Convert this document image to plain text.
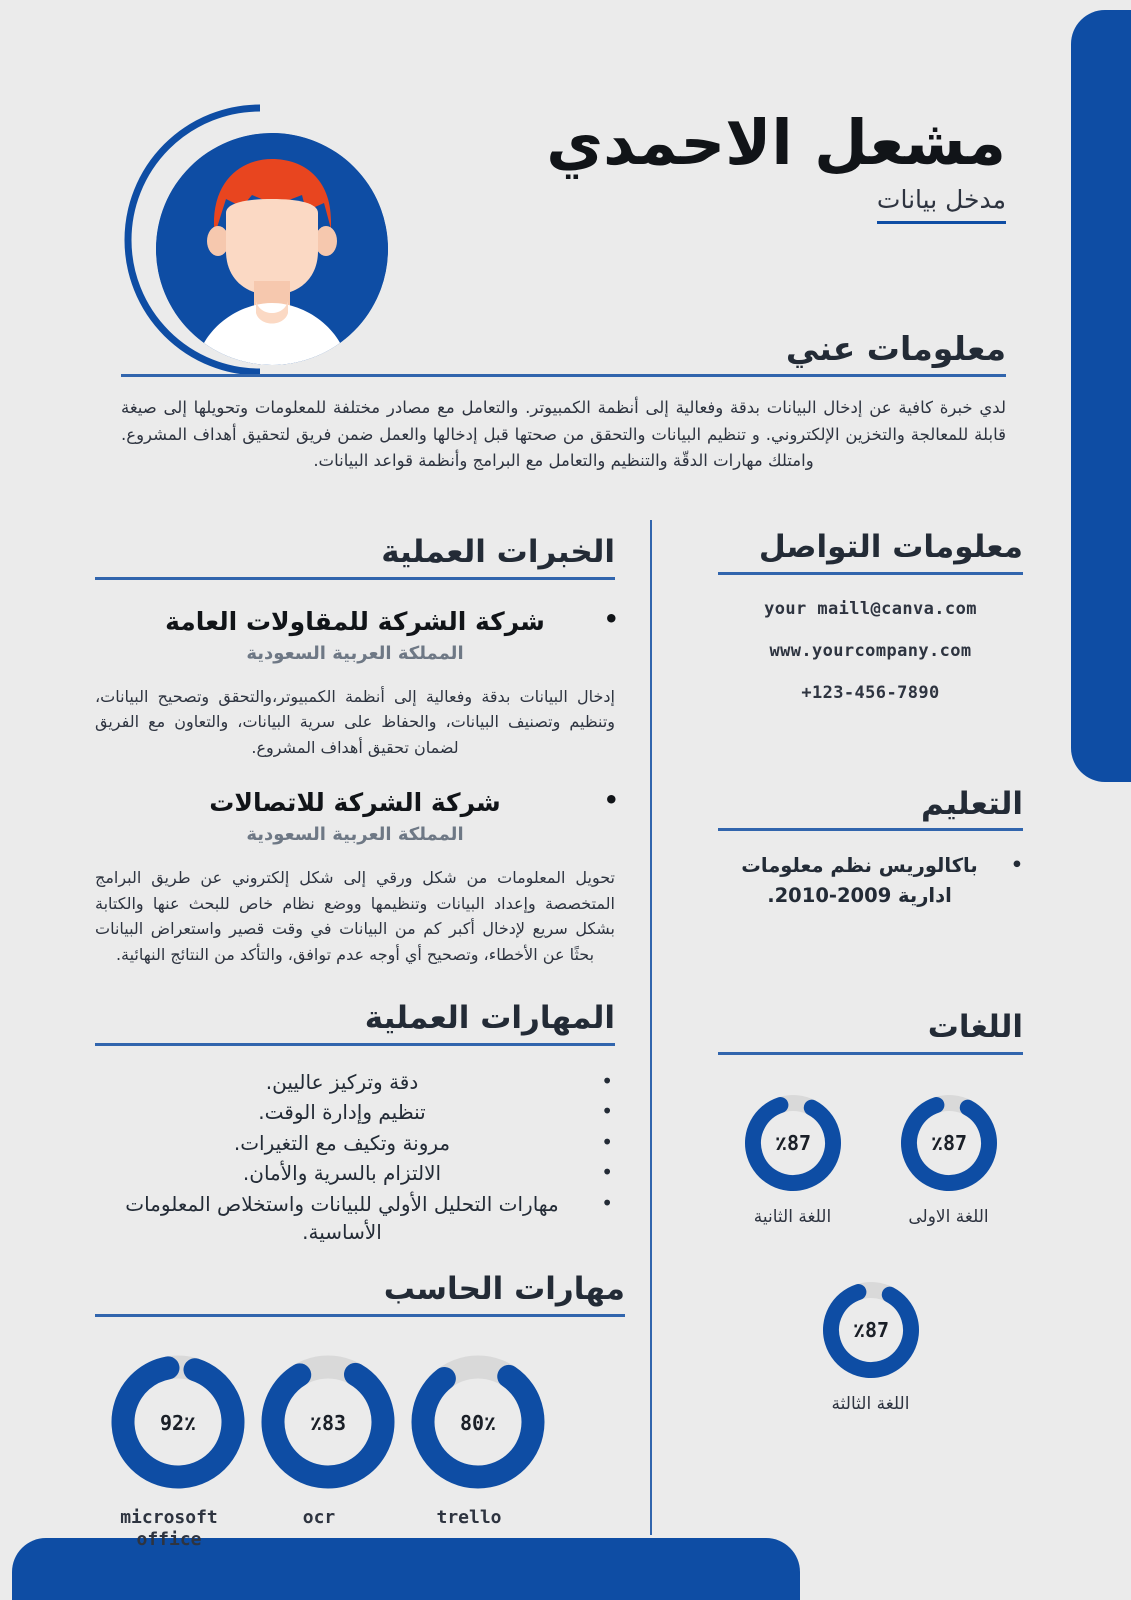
مشعل الاحمدي
مدخل بيانات
معلومات عني

لدي خبرة كافية عن إدخال البيانات بدقة وفعالية إلى أنظمة الكمبيوتر. والتعامل مع مصادر مختلفة للمعلومات وتحويلها إلى صيغة قابلة للمعالجة والتخزين الإلكتروني. و تنظيم البيانات والتحقق من صحتها قبل إدخالها والعمل ضمن فريق لتحقيق أهداف المشروع. وامتلك مهارات الدقّة والتنظيم والتعامل مع البرامج وأنظمة قواعد البيانات.

معلومات التواصل
your maill@canva.com
www.yourcompany.com
+123-456-7890
التعليم
• باكالوريس نظم معلومات ادارية 2009-2010.
اللغات
٪87
اللغة الثانية
٪87
اللغة الاولى
٪87
اللغة الثالثة
الخبرات العملية
شركة الشركة للمقاولات العامة •
المملكة العربية السعودية

إدخال البيانات بدقة وفعالية إلى أنظمة الكمبيوتر،والتحقق وتصحيح البيانات، وتنظيم وتصنيف البيانات، والحفاظ على سرية البيانات، والتعاون مع الفريق لضمان تحقيق أهداف المشروع.

شركة الشركة للاتصالات •
المملكة العربية السعودية

تحويل المعلومات من شكل ورقي إلى شكل إلكتروني عن طريق البرامج المتخصصة وإعداد البيانات وتنظيمها ووضع نظام خاص للبحث عنها والكتابة بشكل سريع لإدخال أكبر كم من البيانات في وقت قصير واستعراض البيانات بحثًا عن الأخطاء، وتصحيح أي أوجه عدم توافق، والتأكد من النتائج النهائية.

المهارات العملية
• دقة وتركيز عاليين.
• تنظيم وإدارة الوقت.
• مرونة وتكيف مع التغيرات.
• الالتزام بالسرية والأمان.
• مهارات التحليل الأولي للبيانات واستخلاص المعلومات الأساسية.
مهارات الحاسب
92٪
microsoft office
٪83
ocr
80٪
trello
